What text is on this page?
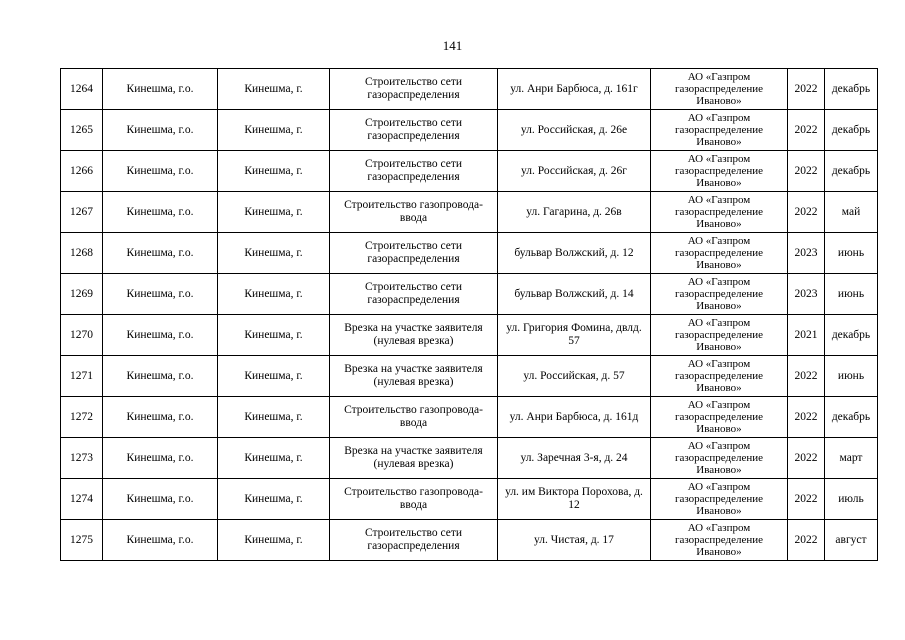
141
1264	Кинешма, г.о.	Кинешма, г.	Строительство сети газораспределения	ул. Анри Барбюса, д. 161г	АО «Газпром газораспределение Иваново»	2022	декабрь
1265	Кинешма, г.о.	Кинешма, г.	Строительство сети газораспределения	ул. Российская, д. 26е	АО «Газпром газораспределение Иваново»	2022	декабрь
1266	Кинешма, г.о.	Кинешма, г.	Строительство сети газораспределения	ул. Российская, д. 26г	АО «Газпром газораспределение Иваново»	2022	декабрь
1267	Кинешма, г.о.	Кинешма, г.	Строительство газопровода-ввода	ул. Гагарина, д. 26в	АО «Газпром газораспределение Иваново»	2022	май
1268	Кинешма, г.о.	Кинешма, г.	Строительство сети газораспределения	бульвар Волжский, д. 12	АО «Газпром газораспределение Иваново»	2023	июнь
1269	Кинешма, г.о.	Кинешма, г.	Строительство сети газораспределения	бульвар Волжский, д. 14	АО «Газпром газораспределение Иваново»	2023	июнь
1270	Кинешма, г.о.	Кинешма, г.	Врезка на участке заявителя (нулевая врезка)	ул. Григория Фомина, двлд. 57	АО «Газпром газораспределение Иваново»	2021	декабрь
1271	Кинешма, г.о.	Кинешма, г.	Врезка на участке заявителя (нулевая врезка)	ул. Российская, д. 57	АО «Газпром газораспределение Иваново»	2022	июнь
1272	Кинешма, г.о.	Кинешма, г.	Строительство газопровода-ввода	ул. Анри Барбюса, д. 161д	АО «Газпром газораспределение Иваново»	2022	декабрь
1273	Кинешма, г.о.	Кинешма, г.	Врезка на участке заявителя (нулевая врезка)	ул. Заречная 3-я, д. 24	АО «Газпром газораспределение Иваново»	2022	март
1274	Кинешма, г.о.	Кинешма, г.	Строительство газопровода-ввода	ул. им Виктора Порохова, д. 12	АО «Газпром газораспределение Иваново»	2022	июль
1275	Кинешма, г.о.	Кинешма, г.	Строительство сети газораспределения	ул. Чистая, д. 17	АО «Газпром газораспределение Иваново»	2022	август
